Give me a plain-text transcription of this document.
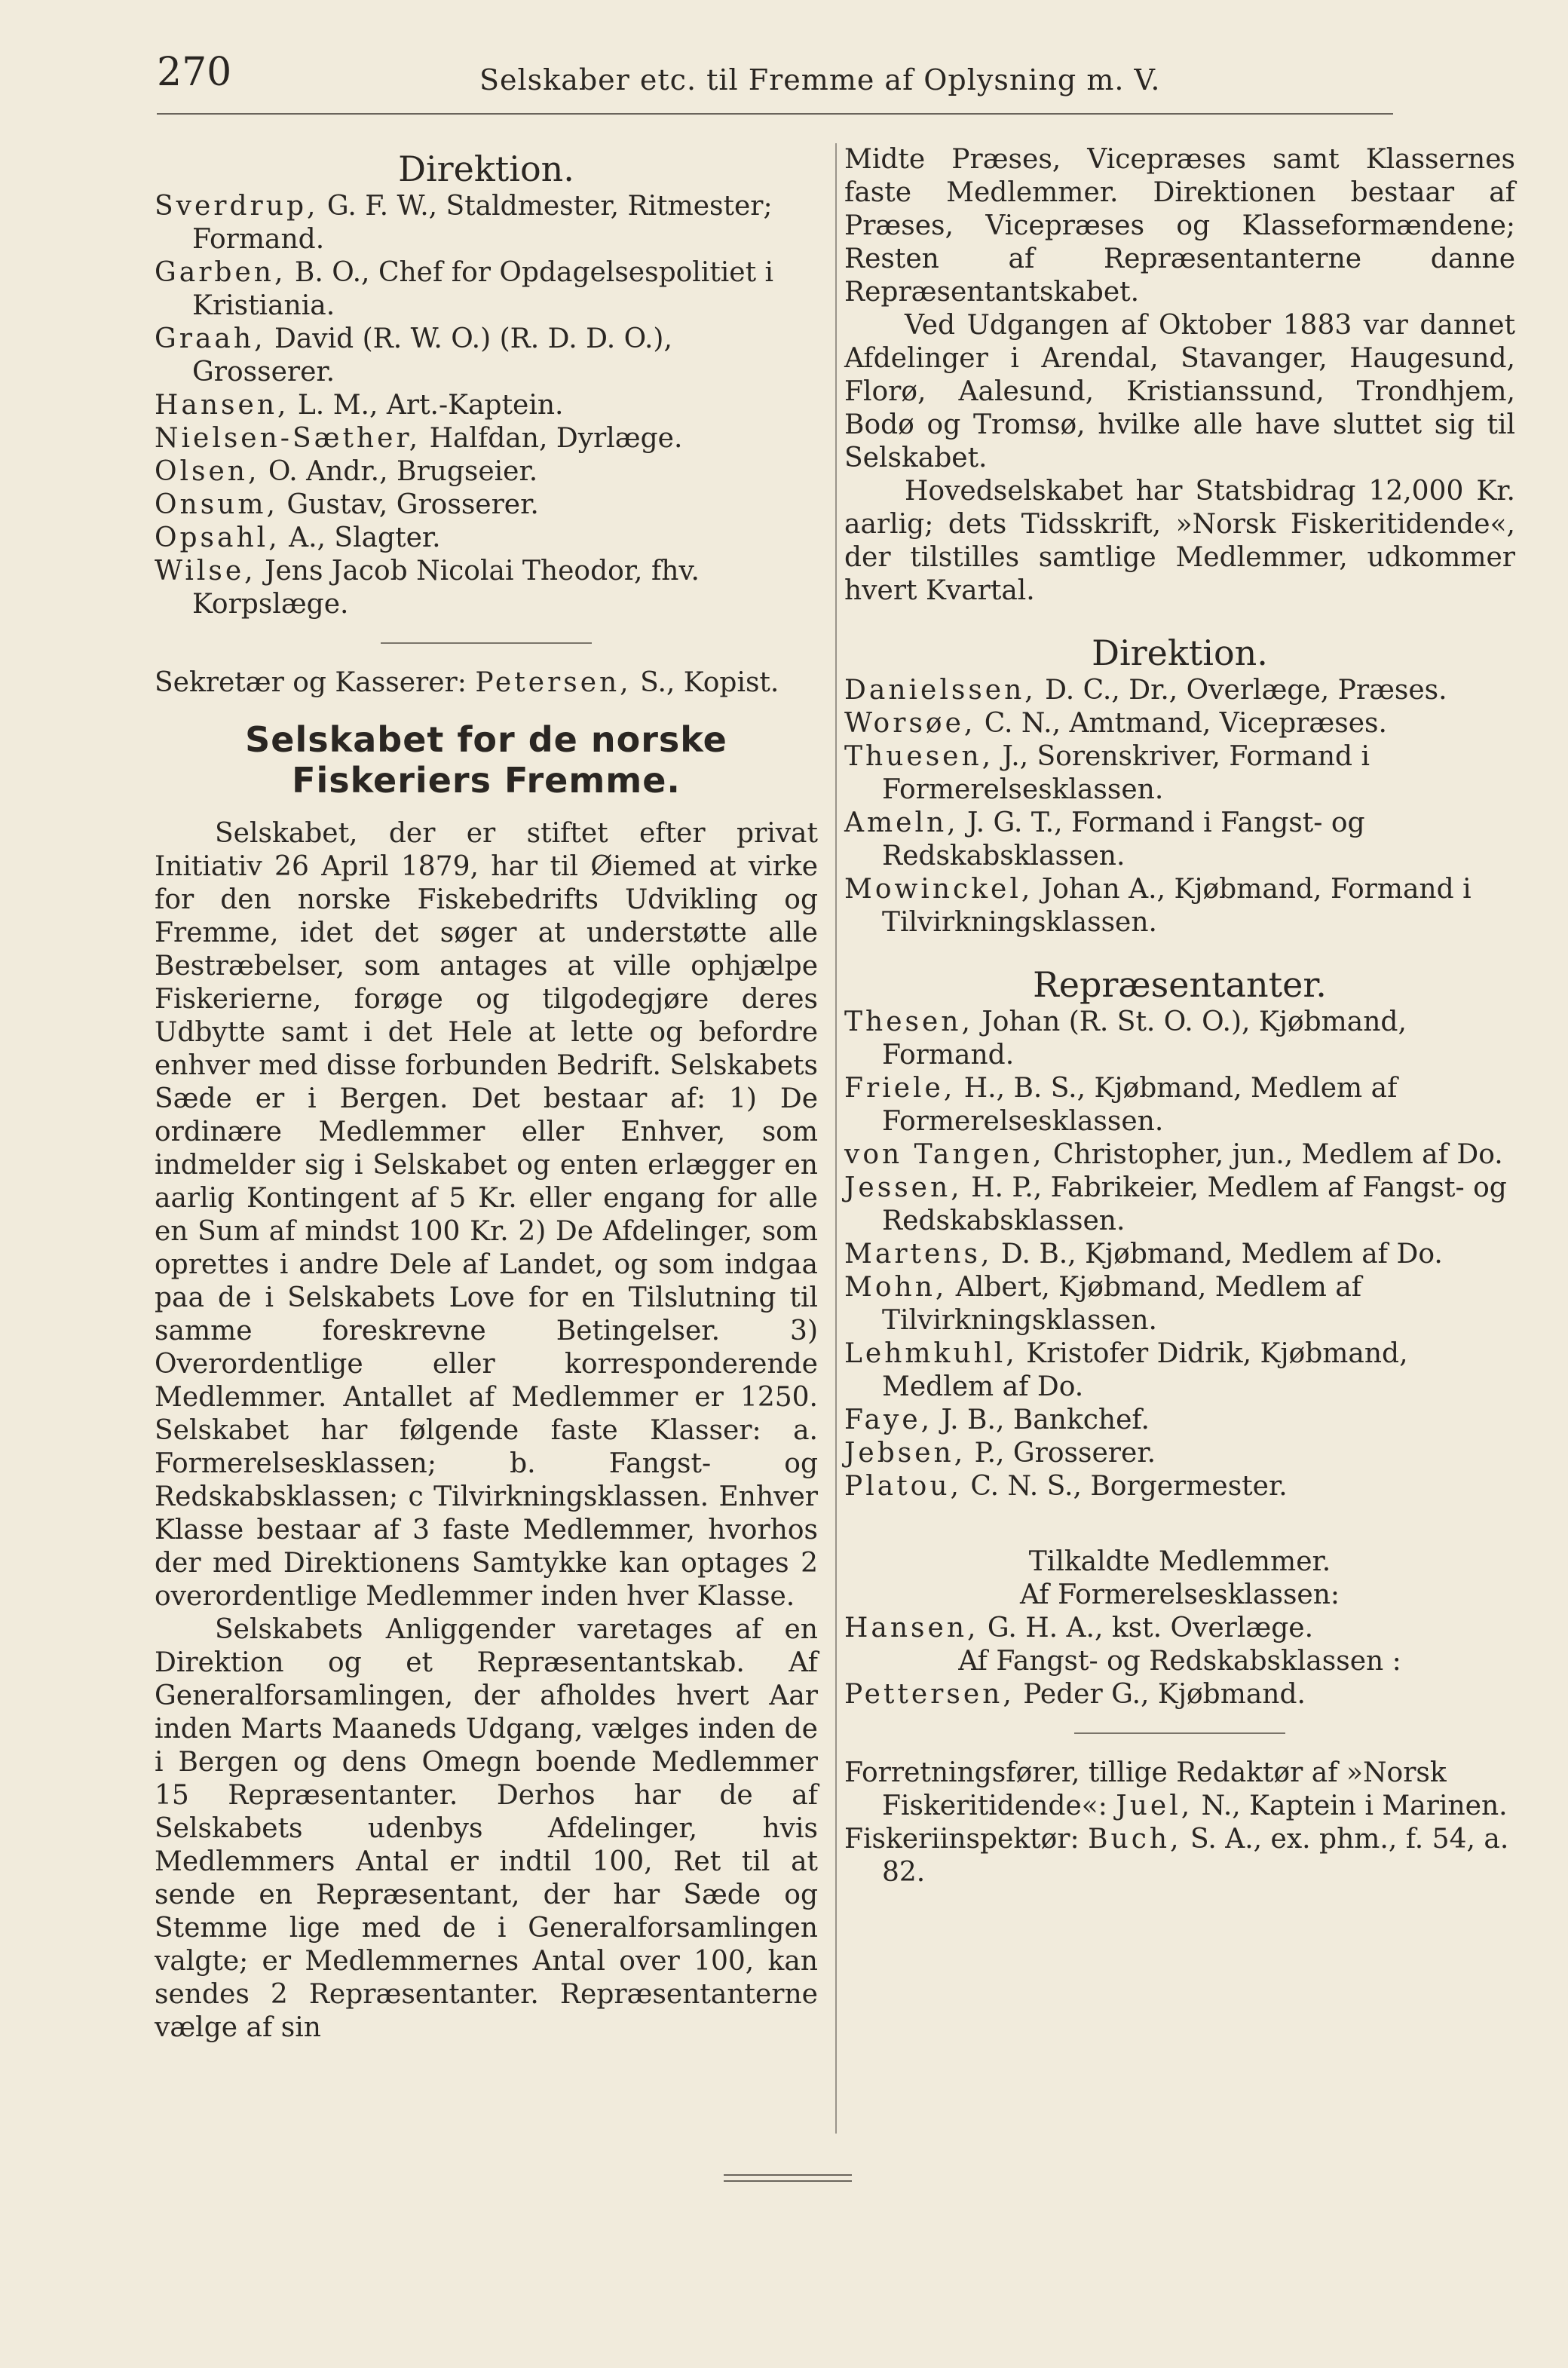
270	Selskaber etc. til Fremme af Oplysning m. V.
Direktion.

Sverdrup, G. F. W., Staldmester, Ritmester; Formand.

Garben, B. O., Chef for Opdagelsespolitiet i Kristiania.

Graah, David (R. W. O.) (R. D. D. O.), Grosserer.

Hansen, L. M., Art.-Kaptein.

Nielsen-Sæther, Halfdan, Dyrlæge.

Olsen, O. Andr., Brugseier.

Onsum, Gustav, Grosserer.

Opsahl, A., Slagter.

Wilse, Jens Jacob Nicolai Theodor, fhv. Korpslæge.

Sekretær og Kasserer: Petersen, S., Kopist.

Selskabet for de norske Fiskeriers Fremme.

Selskabet, der er stiftet efter privat Initiativ 26 April 1879, har til Øiemed at virke for den norske Fiskebedrifts Udvikling og Fremme, idet det søger at understøtte alle Bestræbelser, som antages at ville ophjælpe Fiskerierne, forøge og tilgodegjøre deres Udbytte samt i det Hele at lette og befordre enhver med disse forbunden Bedrift. Selskabets Sæde er i Bergen. Det bestaar af: 1) De ordinære Medlemmer eller Enhver, som indmelder sig i Selskabet og enten erlægger en aarlig Kontingent af 5 Kr. eller engang for alle en Sum af mindst 100 Kr. 2) De Afdelinger, som oprettes i andre Dele af Landet, og som indgaa paa de i Selskabets Love for en Tilslutning til samme foreskrevne Betingelser. 3) Overordentlige eller korresponderende Medlemmer. Antallet af Medlemmer er 1250. Selskabet har følgende faste Klasser: a. Formerelsesklassen; b. Fangst- og Redskabsklassen; c Tilvirkningsklassen. Enhver Klasse bestaar af 3 faste Medlemmer, hvorhos der med Direktionens Samtykke kan optages 2 overordentlige Medlemmer inden hver Klasse.

Selskabets Anliggender varetages af en Direktion og et Repræsentantskab. Af Generalforsamlingen, der afholdes hvert Aar inden Marts Maaneds Udgang, vælges inden de i Bergen og dens Omegn boende Medlemmer 15 Repræsentanter. Derhos har de af Selskabets udenbys Afdelinger, hvis Medlemmers Antal er indtil 100, Ret til at sende en Repræsentant, der har Sæde og Stemme lige med de i Generalforsamlingen valgte; er Medlemmernes Antal over 100, kan sendes 2 Repræsentanter. Repræsentanterne vælge af sin

Midte Præses, Vicepræses samt Klassernes faste Medlemmer. Direktionen bestaar af Præses, Vicepræses og Klasseformændene; Resten af Repræsentanterne danne Repræsentantskabet.

Ved Udgangen af Oktober 1883 var dannet Afdelinger i Arendal, Stavanger, Haugesund, Florø, Aalesund, Kristianssund, Trondhjem, Bodø og Tromsø, hvilke alle have sluttet sig til Selskabet.

Hovedselskabet har Statsbidrag 12,000 Kr. aarlig; dets Tidsskrift, »Norsk Fiskeritidende«, der tilstilles samtlige Medlemmer, udkommer hvert Kvartal.

Direktion.

Danielssen, D. C., Dr., Overlæge, Præses.

Worsøe, C. N., Amtmand, Vicepræses.

Thuesen, J., Sorenskriver, Formand i Formerelsesklassen.

Ameln, J. G. T., Formand i Fangst- og Redskabsklassen.

Mowinckel, Johan A., Kjøbmand, Formand i Tilvirkningsklassen.

Repræsentanter.

Thesen, Johan (R. St. O. O.), Kjøbmand, Formand.

Friele, H., B. S., Kjøbmand, Medlem af Formerelsesklassen.

von Tangen, Christopher, jun., Medlem af Do.

Jessen, H. P., Fabrikeier, Medlem af Fangst- og Redskabsklassen.

Martens, D. B., Kjøbmand, Medlem af Do.

Mohn, Albert, Kjøbmand, Medlem af Tilvirkningsklassen.

Lehmkuhl, Kristofer Didrik, Kjøbmand, Medlem af Do.

Faye, J. B., Bankchef.

Jebsen, P., Grosserer.

Platou, C. N. S., Borgermester.

Tilkaldte Medlemmer.

Af Formerelsesklassen:

Hansen, G. H. A., kst. Overlæge.

Af Fangst- og Redskabsklassen :

Pettersen, Peder G., Kjøbmand.

Forretningsfører, tillige Redaktør af »Norsk Fiskeritidende«: Juel, N., Kaptein i Marinen.

Fiskeriinspektør: Buch, S. A., ex. phm., f. 54, a. 82.
